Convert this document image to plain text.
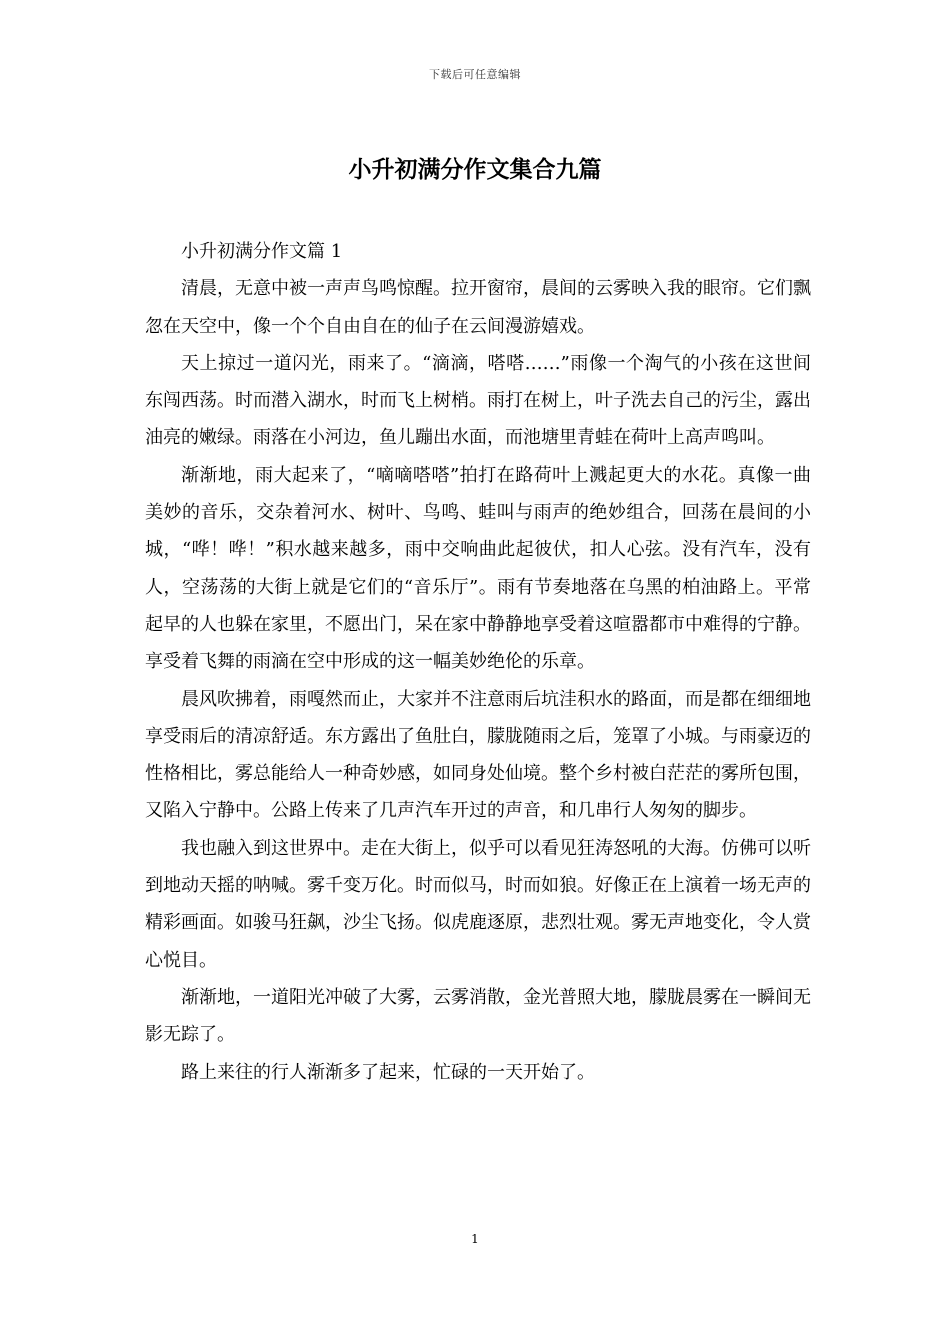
下载后可任意编辑
小升初满分作文集合九篇

小升初满分作文篇 1

清晨，无意中被一声声鸟鸣惊醒。拉开窗帘，晨间的云雾映入我的眼帘。它们飘忽在天空中，像一个个自由自在的仙子在云间漫游嬉戏。

天上掠过一道闪光，雨来了。“滴滴，嗒嗒……”雨像一个淘气的小孩在这世间东闯西荡。时而潜入湖水，时而飞上树梢。雨打在树上，叶子洗去自己的污尘，露出油亮的嫩绿。雨落在小河边，鱼儿蹦出水面，而池塘里青蛙在荷叶上高声鸣叫。

渐渐地，雨大起来了，“嘀嘀嗒嗒”拍打在路荷叶上溅起更大的水花。真像一曲美妙的音乐，交杂着河水、树叶、鸟鸣、蛙叫与雨声的绝妙组合，回荡在晨间的小城，“哗！哗！”积水越来越多，雨中交响曲此起彼伏，扣人心弦。没有汽车，没有人，空荡荡的大街上就是它们的“音乐厅”。雨有节奏地落在乌黑的柏油路上。平常起早的人也躲在家里，不愿出门，呆在家中静静地享受着这喧嚣都市中难得的宁静。享受着飞舞的雨滴在空中形成的这一幅美妙绝伦的乐章。

晨风吹拂着，雨嘎然而止，大家并不注意雨后坑洼积水的路面，而是都在细细地享受雨后的清凉舒适。东方露出了鱼肚白，朦胧随雨之后，笼罩了小城。与雨豪迈的性格相比，雾总能给人一种奇妙感，如同身处仙境。整个乡村被白茫茫的雾所包围，又陷入宁静中。公路上传来了几声汽车开过的声音，和几串行人匆匆的脚步。

我也融入到这世界中。走在大街上，似乎可以看见狂涛怒吼的大海。仿佛可以听到地动天摇的呐喊。雾千变万化。时而似马，时而如狼。好像正在上演着一场无声的精彩画面。如骏马狂飙，沙尘飞扬。似虎鹿逐原，悲烈壮观。雾无声地变化，令人赏心悦目。

渐渐地，一道阳光冲破了大雾，云雾消散，金光普照大地，朦胧晨雾在一瞬间无影无踪了。

路上来往的行人渐渐多了起来，忙碌的一天开始了。

1
